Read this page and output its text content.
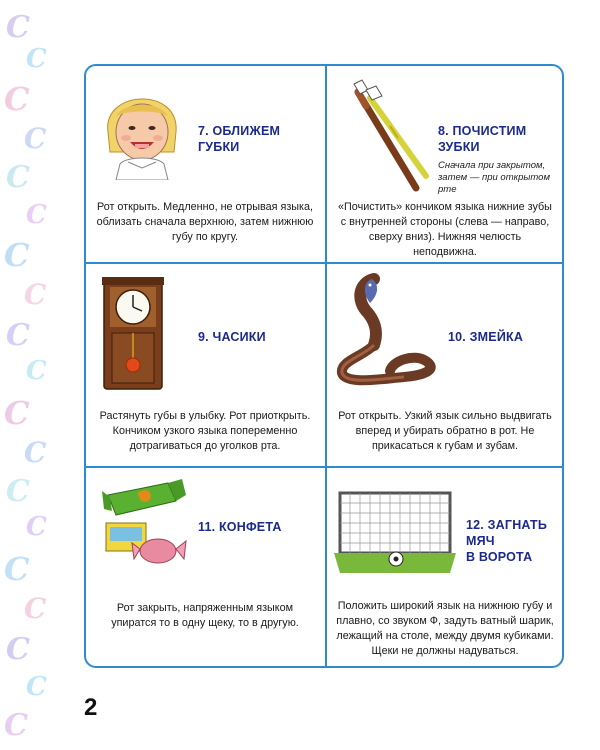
С
С
С
С
С
С
С
С
С
С
С
С
С
С
С
С
С
С
С
7. ОБЛИЖЕМ
ГУБКИ
Рот открыть. Медленно, не отрывая языка, облизать сначала верхнюю, затем нижнюю губу по кругу.
8. ПОЧИСТИМ
ЗУБКИ
Сначала при закрытом, затем — при открытом рте
«Почистить» кончиком языка нижние зубы с внутренней стороны (слева — направо, сверху вниз). Нижняя челюсть неподвижна.
9. ЧАСИКИ
Растянуть губы в улыбку. Рот приоткрыть. Кончиком узкого языка попеременно дотрагиваться до уголков рта.
10. ЗМЕЙКА
Рот открыть. Узкий язык сильно выдвигать вперед и убирать обратно в рот. Не прикасаться к губам и зубам.
11. КОНФЕТА
Рот закрыть, напряженным языком упиратся то в одну щеку, то в другую.
12. ЗАГНАТЬ
МЯЧ
В ВОРОТА
Положить широкий язык на нижнюю губу и плавно, со звуком Ф, задуть ватный шарик, лежащий на столе, между двумя кубиками. Щеки не должны надуваться.
2
